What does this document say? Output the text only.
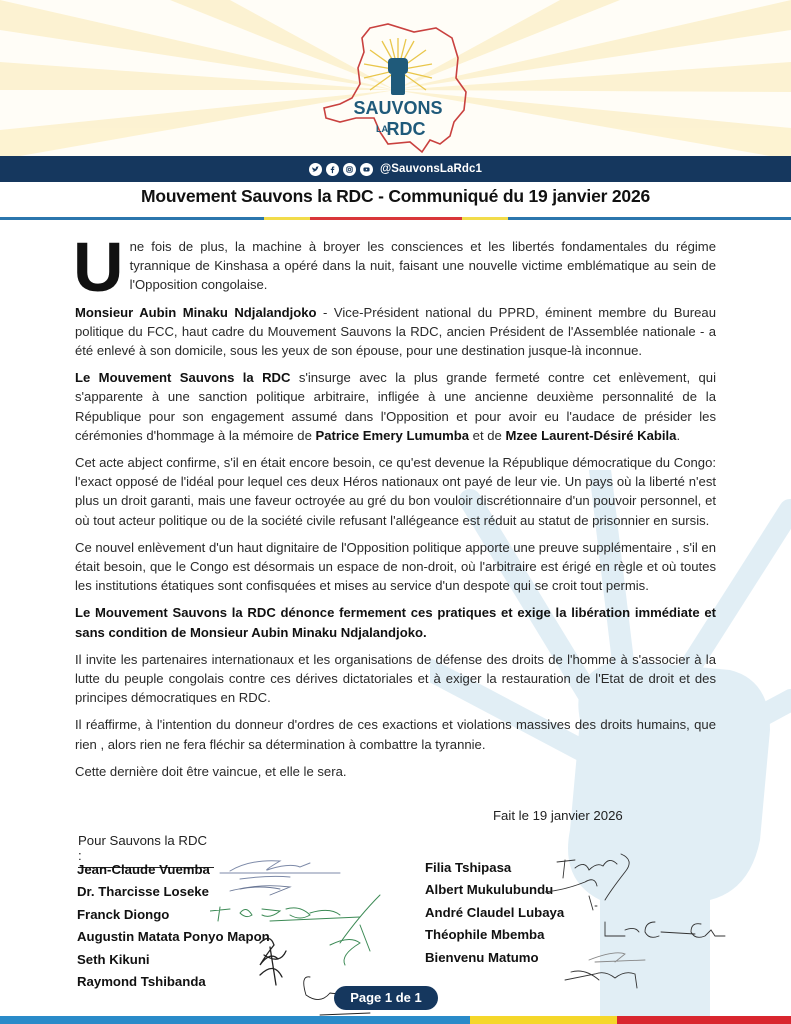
SAUVONS
LA
RDC
@SauvonsLaRdc1
Mouvement Sauvons la RDC - Communiqué du 19 janvier 2026

Une fois de plus, la machine à broyer les consciences et les libertés fondamentales du régime tyrannique de Kinshasa a opéré dans la nuit, faisant une nouvelle victime emblématique au sein de l'Opposition congolaise.

Monsieur Aubin Minaku Ndjalandjoko - Vice-Président national du PPRD, éminent membre du Bureau politique du FCC, haut cadre du Mouvement Sauvons la RDC, ancien Président de l'Assemblée nationale - a été enlevé à son domicile, sous les yeux de son épouse, pour une destination jusque-là inconnue.

Le Mouvement Sauvons la RDC s'insurge avec la plus grande fermeté contre cet enlèvement, qui s'apparente à une sanction politique arbitraire, infligée à une ancienne deuxième personnalité de la République pour son engagement assumé dans l'Opposition et pour avoir eu l'audace de présider les cérémonies d'hommage à la mémoire de Patrice Emery Lumumba et de Mzee Laurent-Désiré Kabila.

Cet acte abject confirme, s'il en était encore besoin, ce qu'est devenue la République démocratique du Congo: l'exact opposé de l'idéal pour lequel ces deux Héros nationaux ont payé de leur vie. Un pays où la liberté n'est plus un droit garanti, mais une faveur octroyée au gré du bon vouloir discrétionnaire d'un pouvoir personnel, et où tout acteur politique ou de la société civile refusant l'allégeance est réduit au statut de prisonnier en sursis.

Ce nouvel enlèvement d'un haut dignitaire de l'Opposition politique apporte une preuve supplémentaire , s'il en était besoin, que le Congo est désormais un espace de non-droit, où l'arbitraire est érigé en règle et où toutes les institutions étatiques sont confisquées et mises au service d'un despote qui se croit tout permis.

Le Mouvement Sauvons la RDC dénonce fermement ces pratiques et exige la libération immédiate et sans condition de Monsieur Aubin Minaku Ndjalandjoko.

Il invite les partenaires internationaux et les organisations de défense des droits de l'homme à s'associer à la lutte du peuple congolais contre ces dérives dictatoriales et à exiger la restauration de l'Etat de droit et des principes démocratiques en RDC.

Il réaffirme, à l'intention du donneur d'ordres de ces exactions et violations massives des droits humains, que rien , alors rien ne fera fléchir sa détermination à combattre la tyrannie.

Cette dernière doit être vaincue, et elle le sera.

Fait le 19 janvier 2026
Pour Sauvons la RDC :
Jean-Claude Vuemba
Dr. Tharcisse Loseke
Franck Diongo
Augustin Matata Ponyo Mapon
Seth Kikuni
Raymond Tshibanda
Filia Tshipasa
Albert Mukulubundu
André Claudel Lubaya
Théophile Mbemba
Bienvenu Matumo
Page 1 de 1
